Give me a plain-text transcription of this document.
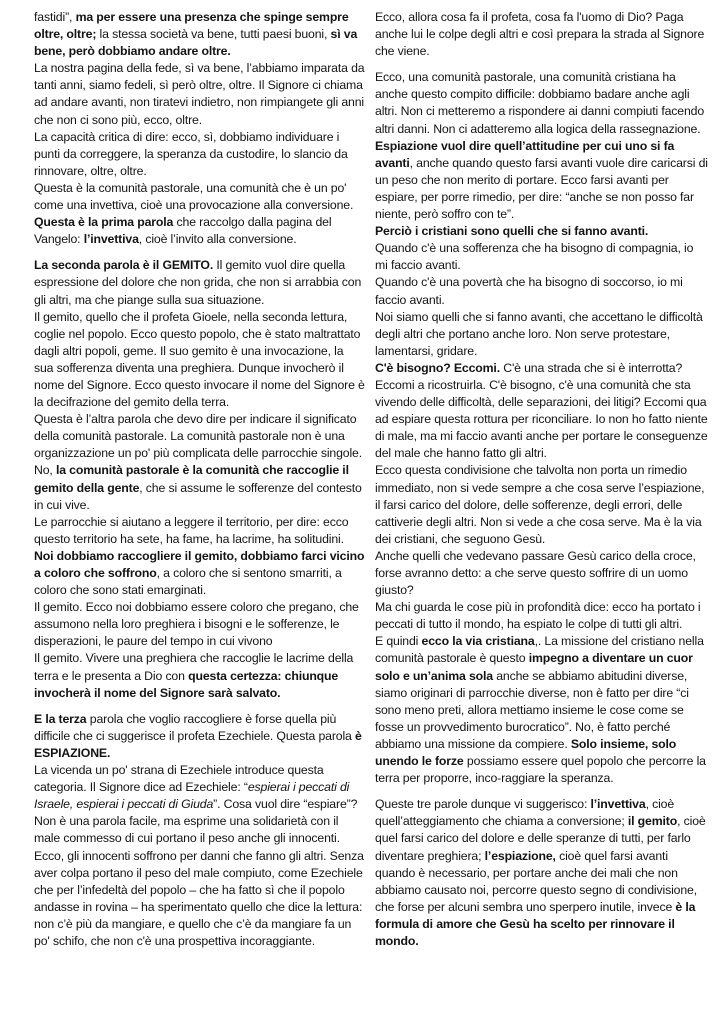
fastidi”, ma per essere una presenza che spinge sempre oltre, oltre; la stessa società va bene, tutti paesi buoni, sì va bene, però dobbiamo andare oltre.

La nostra pagina della fede, sì va bene, l’abbiamo imparata da tanti anni, siamo fedeli, sì però oltre, oltre. Il Signore ci chiama ad andare avanti, non tiratevi indietro, non rimpiangete gli anni che non ci sono più, ecco, oltre.

La capacità critica di dire: ecco, sì, dobbiamo individuare i punti da correggere, la speranza da custodire, lo slancio da rinnovare, oltre, oltre.

Questa è la comunità pastorale, una comunità che è un po' come una invettiva, cioè una provocazione alla conversione.

Questa è la prima parola che raccolgo dalla pagina del Vangelo: l’invettiva, cioè l’invito alla conversione.

La seconda parola è il GEMITO. Il gemito vuol dire quella espressione del dolore che non grida, che non si arrabbia con gli altri, ma che piange sulla sua situazione.

Il gemito, quello che il profeta Gioele, nella seconda lettura, coglie nel popolo. Ecco questo popolo, che è stato maltrattato dagli altri popoli, geme. Il suo gemito è una invocazione, la sua sofferenza diventa una preghiera. Dunque invocherò il nome del Signore. Ecco questo invocare il nome del Signore è la decifrazione del gemito della terra.

Questa è l’altra parola che devo dire per indicare il significato della comunità pastorale. La comunità pastorale non è una organizzazione un po' più complicata delle parrocchie singole. No, la comunità pastorale è la comunità che raccoglie il gemito della gente, che si assume le sofferenze del contesto in cui vive.

Le parrocchie si aiutano a leggere il territorio, per dire: ecco questo territorio ha sete, ha fame, ha lacrime, ha solitudini. Noi dobbiamo raccogliere il gemito, dobbiamo farci vicino a coloro che soffrono, a coloro che si sentono smarriti, a coloro che sono stati emarginati.

Il gemito. Ecco noi dobbiamo essere coloro che pregano, che assumono nella loro preghiera i bisogni e le sofferenze, le disperazioni, le paure del tempo in cui vivono

Il gemito. Vivere una preghiera che raccoglie le lacrime della terra e le presenta a Dio con questa certezza: chiunque invocherà il nome del Signore sarà salvato.

E la terza parola che voglio raccogliere è forse quella più difficile che ci suggerisce il profeta Ezechiele. Questa parola è ESPIAZIONE.

La vicenda un po' strana di Ezechiele introduce questa categoria. Il Signore dice ad Ezechiele: “espierai i peccati di Israele, espierai i peccati di Giuda”. Cosa vuol dire “espiare”? Non è una parola facile, ma esprime una solidarietà con il male commesso di cui portano il peso anche gli innocenti.

Ecco, gli innocenti soffrono per danni che fanno gli altri. Senza aver colpa portano il peso del male compiuto, come Ezechiele che per l’infedeltà del popolo – che ha fatto sì che il popolo andasse in rovina – ha sperimentato quello che dice la lettura: non c’è più da mangiare, e quello che c’è da mangiare fa un po' schifo, che non c'è una prospettiva incoraggiante.

Ecco, allora cosa fa il profeta, cosa fa l'uomo di Dio? Paga anche lui le colpe degli altri e così prepara la strada al Signore che viene.

Ecco, una comunità pastorale, una comunità cristiana ha anche questo compito difficile: dobbiamo badare anche agli altri. Non ci metteremo a rispondere ai danni compiuti facendo altri danni. Non ci adatteremo alla logica della rassegnazione.

Espiazione vuol dire quell’attitudine per cui uno si fa avanti, anche quando questo farsi avanti vuole dire caricarsi di un peso che non merito di portare. Ecco farsi avanti per espiare, per porre rimedio, per dire: “anche se non posso far niente, però soffro con te”.

Perciò i cristiani sono quelli che si fanno avanti.

Quando c'è una sofferenza che ha bisogno di compagnia, io mi faccio avanti.

Quando c'è una povertà che ha bisogno di soccorso, io mi faccio avanti.

Noi siamo quelli che si fanno avanti, che accettano le difficoltà degli altri che portano anche loro. Non serve protestare, lamentarsi, gridare.

C'è bisogno? Eccomi. C'è una strada che si è interrotta? Eccomi a ricostruirla. C'è bisogno, c'è una comunità che sta vivendo delle difficoltà, delle separazioni, dei litigi? Eccomi qua ad espiare questa rottura per riconciliare. Io non ho fatto niente di male, ma mi faccio avanti anche per portare le conseguenze del male che hanno fatto gli altri.

Ecco questa condivisione che talvolta non porta un rimedio immediato, non si vede sempre a che cosa serve l’espiazione, il farsi carico del dolore, delle sofferenze, degli errori, delle cattiverie degli altri. Non si vede a che cosa serve. Ma è la via dei cristiani, che seguono Gesù.

Anche quelli che vedevano passare Gesù carico della croce, forse avranno detto: a che serve questo soffrire di un uomo giusto?

Ma chi guarda le cose più in profondità dice: ecco ha portato i peccati di tutto il mondo, ha espiato le colpe di tutti gli altri.

E quindi ecco la via cristiana,. La missione del cristiano nella comunità pastorale è questo impegno a diventare un cuor solo e un’anima sola anche se abbiamo abitudini diverse, siamo originari di parrocchie diverse, non è fatto per dire “ci sono meno preti, allora mettiamo insieme le cose come se fosse un provvedimento burocratico”. No, è fatto perché abbiamo una missione da compiere. Solo insieme, solo unendo le forze possiamo essere quel popolo che percorre la terra per proporre, inco-raggiare la speranza.

Queste tre parole dunque vi suggerisco: l’invettiva, cioè quell’atteggiamento che chiama a conversione; il gemito, cioè quel farsi carico del dolore e delle speranze di tutti, per farlo diventare preghiera; l’espiazione, cioè quel farsi avanti quando è necessario, per portare anche dei mali che non abbiamo causato noi, percorre questo segno di condivisione, che forse per alcuni sembra uno sperpero inutile, invece è la formula di amore che Gesù ha scelto per rinnovare il mondo.
